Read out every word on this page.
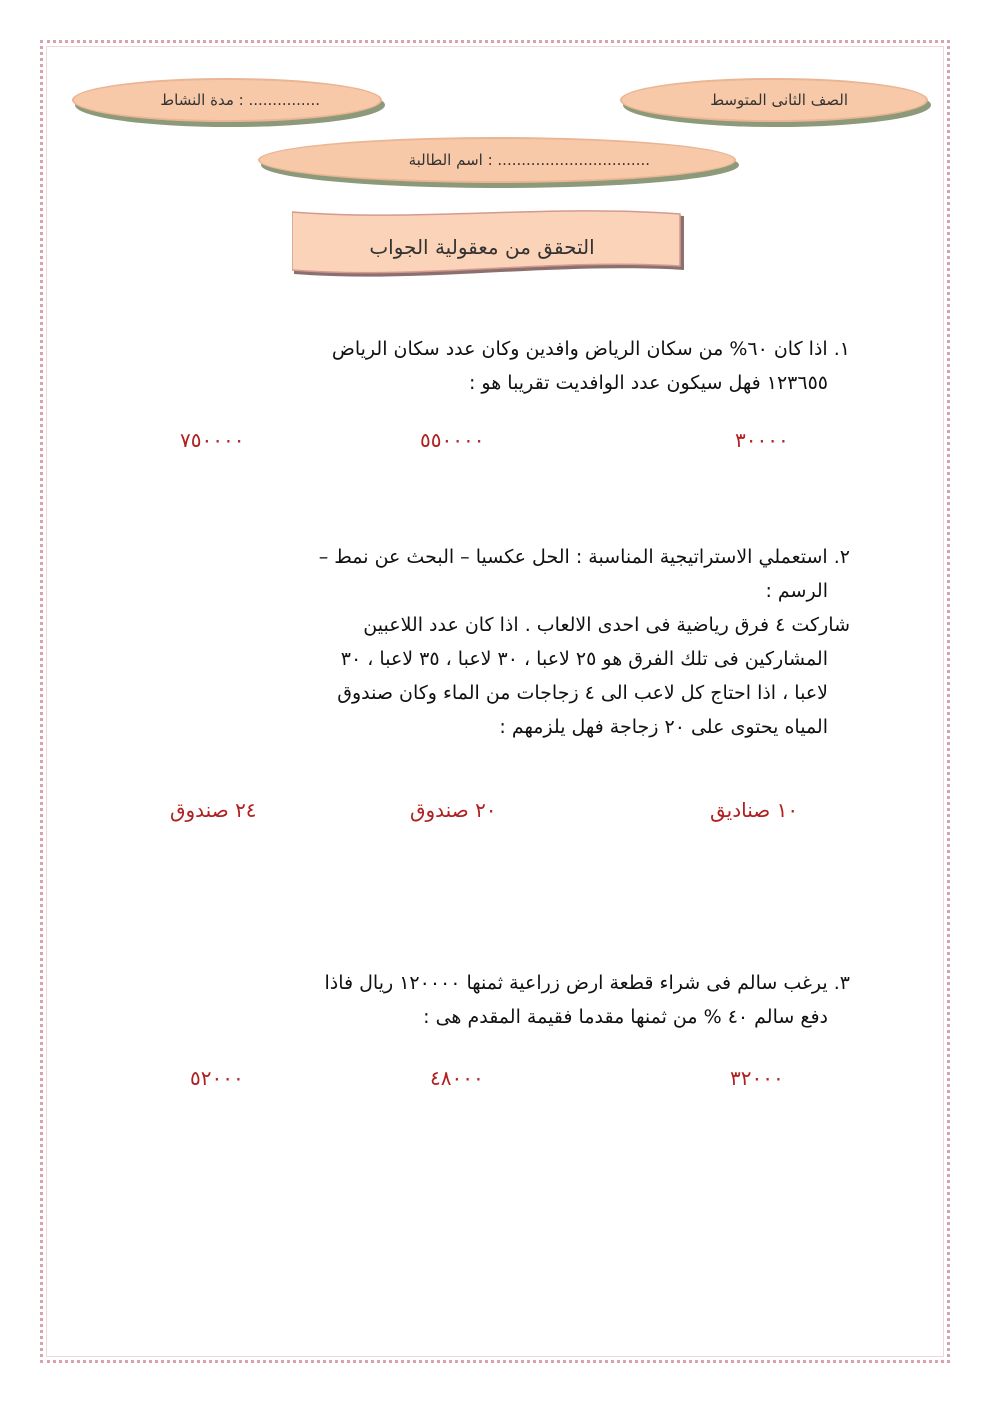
الصف الثانى المتوسط
مدة النشاط : ...............
اسم الطالبة : ................................
التحقق من معقولية الجواب

١. اذا كان ٦٠% من سكان الرياض وافدين وكان عدد سكان الرياض

١٢٣٦٥٥ فهل سيكون عدد الوافديت تقريبا هو :

٣٠٠٠٠
٥٥٠٠٠٠
٧٥٠٠٠٠

٢. استعملي الاستراتيجية المناسبة : الحل عكسيا – البحث عن نمط –

الرسم :

شاركت ٤ فرق رياضية فى احدى الالعاب . اذا كان عدد اللاعبين

المشاركين فى تلك الفرق هو ٢٥ لاعبا ، ٣٠ لاعبا ، ٣٥ لاعبا ، ٣٠

لاعبا ، اذا احتاج كل لاعب الى ٤ زجاجات من الماء وكان صندوق

المياه يحتوى على ٢٠ زجاجة فهل يلزمهم :

١٠ صناديق
٢٠ صندوق
٢٤ صندوق

٣. يرغب سالم فى شراء قطعة ارض زراعية ثمنها ١٢٠٠٠٠ ريال فاذا

دفع سالم ٤٠ % من ثمنها مقدما فقيمة المقدم هى :

٣٢٠٠٠
٤٨٠٠٠
٥٢٠٠٠
